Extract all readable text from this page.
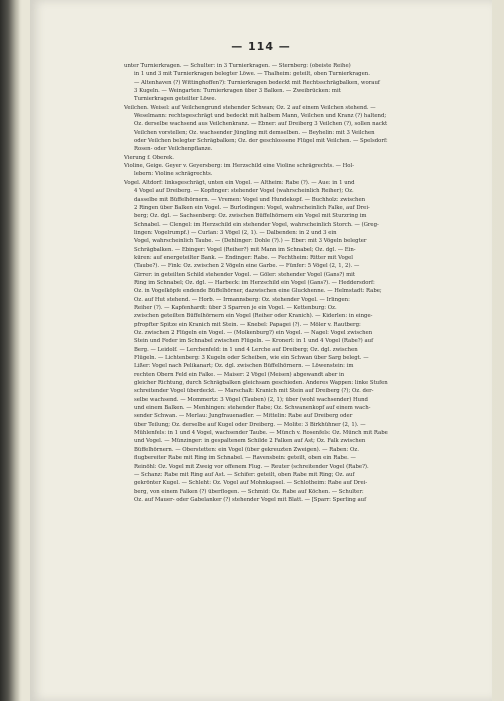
— 114 —
unter Turnierkragen. — Schulter: in 3 Turnierkragen. — Sternberg: (obeiste Reihe)
in 1 und 3 mit Turnierkragen belegter Löwe. — Thalheim: geteilt, oben Turnierkragen.
— Altenhaven (?) Wittinghoffen?): Turnierkragen bedeckt mit Rechtsschrägbalken, worauf
3 Kugeln. — Weingarten: Turnierkragen über 3 Balken. — Zweibrücken: mit
Turnierkragen geteilter Löwe.
Veilchen. Weisel: auf Veilchengrund stehender Schwan; Oz. 2 auf einem Veilchen stehend. —
Weselmann: rechtsgeschrägt und bedeckt mit halbem Mann, Veilchen und Kranz (?) haltend;
Oz. derselbe wachsend aus Veilchenkranz. — Ebner: auf Dreiberg 3 Veilchen (?), sollen nackt
Veilchen vorstellen; Oz. wachsender Jüngling mit demselben. — Beyhelin: mit 3 Veilchen
oder Veilchen belegter Schrägbalken; Oz. der geschlossene Flügel mit Veilchen. — Spelsdorf:
Rosen- oder Veilchenpflanze.
Vierung f. Oberek.
Violine, Geige. Geyer v. Geyersberg: im Herzschild eine Violine schrägrechts. — Hol-
lebern: Violine schrägrechts.
Vogel. Altdorf: linksgeschrägt, unten ein Vogel. — Altheim: Rabe (?). — Aue: in 1 und
4 Vogel auf Dreiberg. — Kopfinger: stehender Vogel (wahrscheinlich Reiher); Oz.
dasselbe mit Büffelhörnern. — Vremen: Vogel und Hundekopf. — Buchholz: zwischen
2 Ringen über Balken ein Vogel. — Burlodingen: Vogel, wahrscheinlich Falke, auf Drei-
berg; Oz. dgl. — Sachsenberg: Oz. zwischen Büffelhörnern ein Vogel mit Sturzring im
Schnabel. — Clengel: im Herzschild ein stehender Vogel, wahrscheinlich Storch. — (Greg-
lingen: Vogelrumpf.) — Curlan: 3 Vögel (2, 1). — Dalbenden: in 2 und 3 ein
Vogel, wahrscheinlich Taube. — (Dehlinger: Dohle (?).) — Eber: mit 3 Vögeln belegter
Schrägbalken. — Ebinger: Vogel (Reiher?) mit Mann im Schnabel; Oz. dgl. — Ein-
küren: auf energeteilter Bank. — Endinger: Rabe. — Fechtheim: Ritter mit Vogel
(Taube?). — Fink: Oz. zwischen 2 Vögeln eine Garbe. — Fünfer: 5 Vögel (2, 1, 2). —
Girrer: in geteilten Schild stehender Vogel. — Göler: stehender Vogel (Gans?) mit
Ring im Schnabel; Oz. dgl. — Harbeck: im Herzschild ein Vogel (Gans?). — Heddersdorf:
Oz. in Vogelköpfe endende Büffelhörner, dazwischen eine Gluckhenne. — Helmstadt: Rabe;
Oz. auf Hut stehend. — Horb. — Irmannsberg: Oz. stehender Vogel. — Irlingen:
Reiher (?). — Kapfenhardt: über 3 Sparren je ein Vogel. — Kettenburg: Oz.
zwischen geteilten Büffelhörnern ein Vogel (Reiher oder Kranich). — Kiderlen: in einge-
pfropfter Spitze ein Kranich mit Stein. — Knebel: Papagei (?). — Möler v. Rautberg:
Oz. zwischen 2 Flügeln ein Vogel. — (Molkenburg?) ein Vogel. — Nagel: Vogel zwischen
Stein und Feder im Schnabel zwischen Flügeln. — Kronerl: in 1 und 4 Vogel (Rabe?) auf
Berg. — Leidolf. — Lerchenfeld: in 1 und 4 Lerche auf Dreiberg; Oz. dgl. zwischen
Flügeln. — Lichtenberg: 3 Kugeln oder Scheiben, wie ein Schwan über Sarg belegt. —
Lißer: Vogel nach Pelikanart; Oz. dgl. zwischen Büffelhörnern. — Löwenstein: im
rechten Obern Feld ein Falke. — Maiser: 2 Vögel (Meisen) abgewandt aber in
gleicher Richtung, durch Schrägbalken gleichsam geschieden. Anderes Wappen: linke Stufen
schreitender Vogel überdeckt. — Marschalt: Kranich mit Stein auf Dreiberg (?); Oz. der-
selbe wachsend. — Mommertz: 3 Vögel (Tauben) (2, 1); über (wohl wachsender) Hund
und einem Balken. — Menhingen: stehender Rabe; Oz. Schwanenkopf auf einem wach-
sender Schwan. — Merlau: Jungfrauenadler. — Mittelin: Rabe auf Dreiberg oder
über Teilung; Oz. derselbe auf Kugel oder Dreiberg. — Molite: 3 Birkhühner (2, 1). —
Mühlenfels: in 1 und 4 Vogel, wachsender Taube. — Münch v. Rosenfels: Oz. Münch mit Rabe
und Vogel. — Münzinger: in gespaltenem Schilde 2 Falken auf Ast; Oz. Falk zwischen
Büffelhörnern. — Oberstetten: ein Vogel (über gekreuzten Zweigen). — Raben: Oz.
flugbereiter Rabe mit Ring im Schnabel. — Ravensbein: geteilt, oben ein Rabe. —
Reinöhl: Oz. Vogel mit Zweig vor offenem Flug. — Reuter (schreitender Vogel (Rabe?).
— Schanz: Rabe mit Ring auf Ast. — Schifer: geteilt, oben Rabe mit Ring; Oz. auf
gekrönter Kugel. — Schleht: Oz. Vogel auf Mohnkapsel. — Schlotheim: Rabe auf Drei-
berg, von einem Falken (?) überflogen. — Schmid: Oz. Rabe auf Köchen. — Schulter:
Oz. auf Mauer- oder Gabelanker (?) stehender Vogel mit Blatt. — [Sparr: Sperling auf
